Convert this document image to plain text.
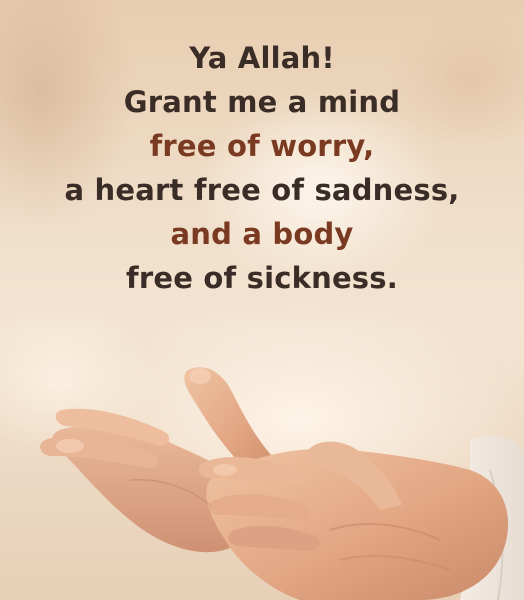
Ya Allah!
Grant me a mind
free of worry,
a heart free of sadness,
and a body
free of sickness.
